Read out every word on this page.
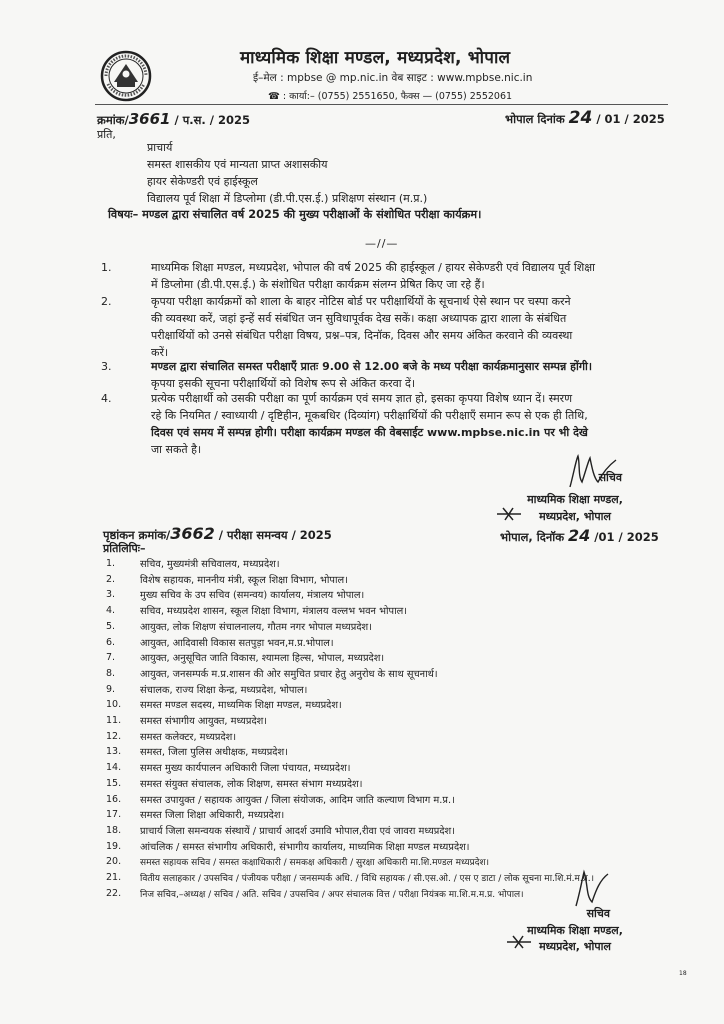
माध्यमिक शिक्षा मण्डल, मध्यप्रदेश, भोपाल
ई–मेल : mpbse @ mp.nic.in वेब साइट : www.mpbse.nic.in
☎ : कार्या:– (0755) 2551650, फैक्स — (0755) 2552061
क्रमांक/3661 / प.स. / 2025	भोपाल दिनांक 24 / 01 / 2025
प्रति,
प्राचार्य
समस्त शासकीय एवं मान्यता प्राप्त अशासकीय
हायर सेकेण्डरी एवं हाईस्कूल
विद्यालय पूर्व शिक्षा में डिप्लोमा (डी.पी.एस.ई.) प्रशिक्षण संस्थान (म.प्र.)
विषयः– मण्डल द्वारा संचालित वर्ष 2025 की मुख्य परीक्षाओं के संशोधित परीक्षा कार्यक्रम।
—//—
1.	माध्यमिक शिक्षा मण्डल, मध्यप्रदेश, भोपाल की वर्ष 2025 की हाईस्कूल / हायर सेकेण्डरी एवं विद्यालय पूर्व शिक्षा
में डिप्लोमा (डी.पी.एस.ई.) के संशोधित परीक्षा कार्यक्रम संलग्न प्रेषित किए जा रहे हैं।
2.	कृपया परीक्षा कार्यक्रमों को शाला के बाहर नोटिस बोर्ड पर परीक्षार्थियों के सूचनार्थ ऐसे स्थान पर चस्पा करने
की व्यवस्था करें, जहां इन्हें सर्व संबंधित जन सुविधापूर्वक देख सकें। कक्षा अध्यापक द्वारा शाला के संबंधित
परीक्षार्थियों को उनसे संबंधित परीक्षा विषय, प्रश्न–पत्र, दिनॉक, दिवस और समय अंकित करवाने की व्यवस्था
करें।
3.	मण्डल द्वारा संचालित समस्त परीक्षाएँ प्रातः 9.00 से 12.00 बजे के मध्य परीक्षा कार्यक्रमानुसार सम्पन्न होंगी।
कृपया इसकी सूचना परीक्षार्थियों को विशेष रूप से अंकित करवा दें।
4.	प्रत्येक परीक्षार्थी को उसकी परीक्षा का पूर्ण कार्यक्रम एवं समय ज्ञात हो, इसका कृपया विशेष ध्यान दें। स्मरण
रहे कि नियमित / स्वाध्यायी / दृष्टिहीन, मूकबधिर (दिव्यांग) परीक्षार्थियों की परीक्षाएँ समान रूप से एक ही तिथि,
दिवस एवं समय में सम्पन्न होगी। परीक्षा कार्यक्रम मण्डल की वेबसाईट www.mpbse.nic.in पर भी देखे
जा सकते है।
सचिव
माध्यमिक शिक्षा मण्डल,
मध्यप्रदेश, भोपाल
पृष्ठांकन क्रमांक/3662 / परीक्षा समन्वय / 2025	भोपाल, दिनॉक 24 /01 / 2025
प्रतिलिपिः–
1.	सचिव, मुख्यमंत्री सचिवालय, मध्यप्रदेश।
2.	विशेष सहायक, माननीय मंत्री, स्कूल शिक्षा विभाग, भोपाल।
3.	मुख्य सचिव के उप सचिव (समन्वय) कार्यालय, मंत्रालय भोपाल।
4.	सचिव, मध्यप्रदेश शासन, स्कूल शिक्षा विभाग, मंत्रालय वल्लभ भवन भोपाल।
5.	आयुक्त, लोक शिक्षण संचालनालय, गौतम नगर भोपाल मध्यप्रदेश।
6.	आयुक्त, आदिवासी विकास सतपुड़ा भवन,म.प्र.भोपाल।
7.	आयुक्त, अनुसूचित जाति विकास, श्यामला हिल्स, भोपाल, मध्यप्रदेश।
8.	आयुक्त, जनसम्पर्क म.प्र.शासन की ओर समुचित प्रचार हेतु अनुरोध के साथ सूचनार्थ।
9.	संचालक, राज्य शिक्षा केन्द्र, मध्यप्रदेश, भोपाल।
10. समस्त मण्डल सदस्य, माध्यमिक शिक्षा मण्डल, मध्यप्रदेश।
11. समस्त संभागीय आयुक्त, मध्यप्रदेश।
12. समस्त कलेक्टर, मध्यप्रदेश।
13. समस्त, जिला पुलिस अधीक्षक, मध्यप्रदेश।
14. समस्त मुख्य कार्यपालन अधिकारी जिला पंचायत, मध्यप्रदेश।
15. समस्त संयुक्त संचालक, लोक शिक्षण, समस्त संभाग मध्यप्रदेश।
16. समस्त उपायुक्त / सहायक आयुक्त / जिला संयोजक, आदिम जाति कल्याण विभाग म.प्र.।
17. समस्त जिला शिक्षा अधिकारी, मध्यप्रदेश।
18. प्राचार्य जिला समन्वयक संस्थायें / प्राचार्य आदर्श उमावि भोपाल,रीवा एवं जावरा मध्यप्रदेश।
19. आंचलिक / समस्त संभागीय अधिकारी, संभागीय कार्यालय, माध्यमिक शिक्षा मण्डल मध्यप्रदेश।
20. समस्त सहायक सचिव / समस्त कक्षाधिकारी / समकक्ष अधिकारी / सुरक्षा अधिकारी मा.शि.मण्डल मध्यप्रदेश।
21. वितीय सलाहकार / उपसचिव / पंजीयक परीक्षा / जनसम्पर्क अधि. / विधि सहायक / सी.एस.ओ. / एस ए डाटा / लोक सूचना मा.शि.मं.म.प्र.।
22. निज सचिव,–अध्यक्ष / सचिव / अति. सचिव / उपसचिव / अपर संचालक वित्त / परीक्षा नियंत्रक मा.शि.म.म.प्र. भोपाल।
सचिव
माध्यमिक शिक्षा मण्डल,
मध्यप्रदेश, भोपाल
18
